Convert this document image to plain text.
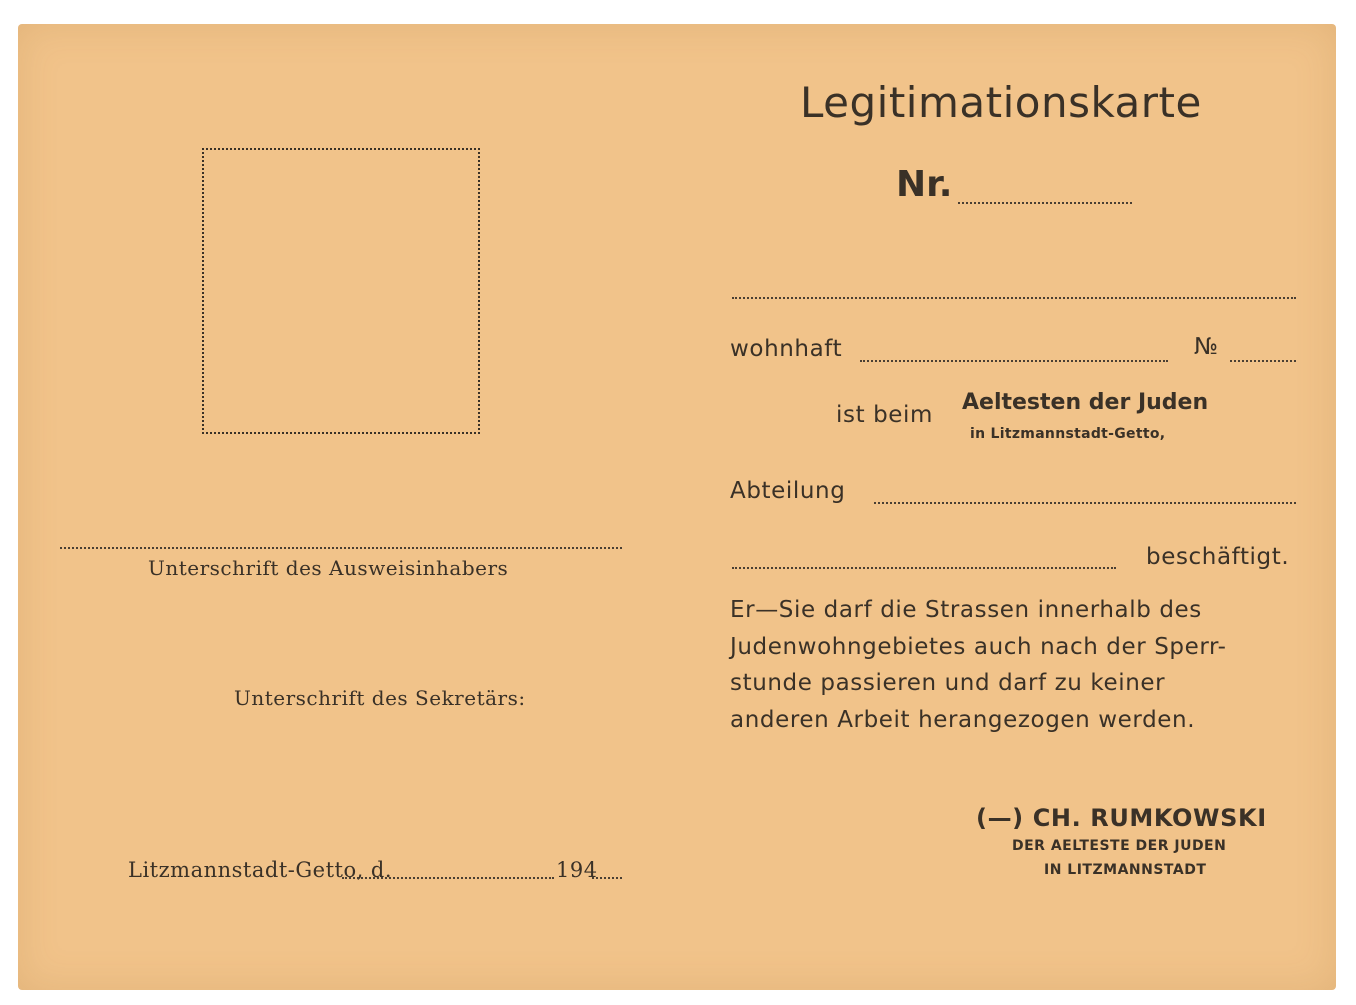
Unterschrift des Ausweisinhabers
Unterschrift des Sekretärs:
Litzmannstadt-Getto, d.	194
Legitimationskarte
Nr.
wohnhaft	№
ist beim Aeltesten der Juden
in Litzmannstadt-Getto,
Abteilung
beschäftigt.
Er—Sie darf die Strassen innerhalb des
Judenwohngebietes auch nach der Sperr-
stunde passieren und darf zu keiner
anderen Arbeit herangezogen werden.
(—) CH. RUMKOWSKI
DER AELTESTE DER JUDEN
IN LITZMANNSTADT
